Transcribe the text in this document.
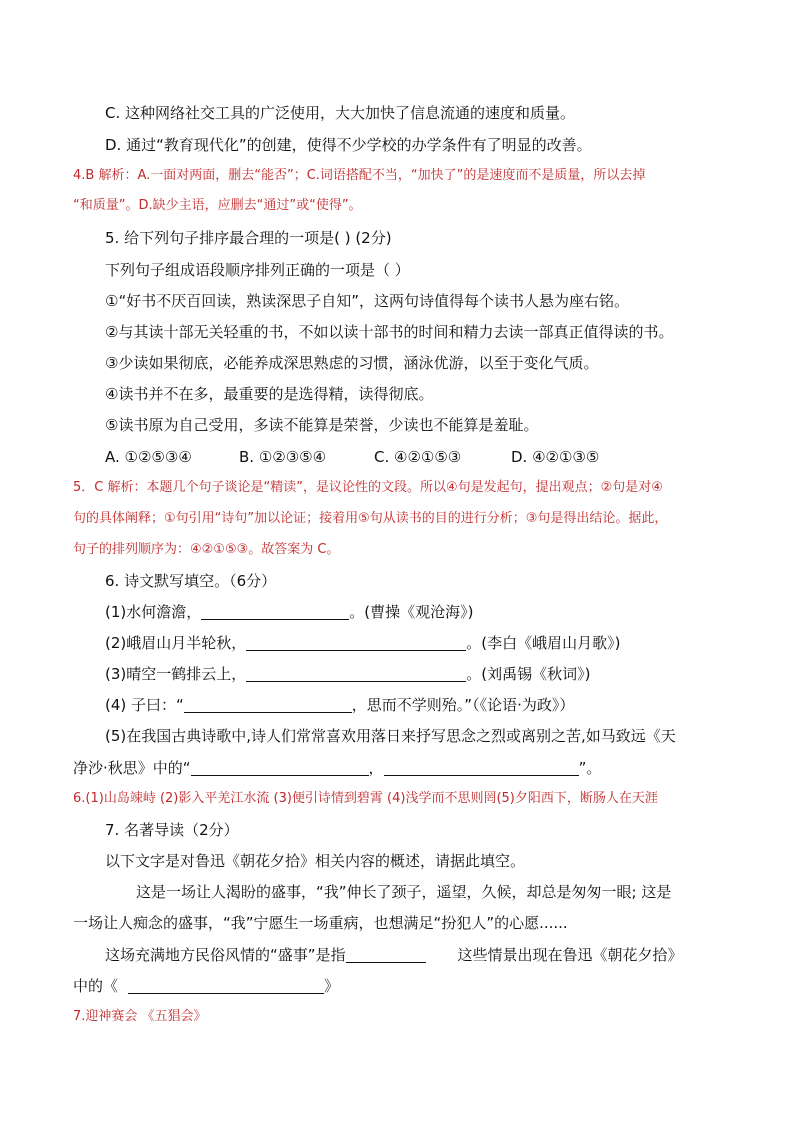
C. 这种网络社交工具的广泛使用，大大加快了信息流通的速度和质量。
D. 通过“教育现代化”的创建，使得不少学校的办学条件有了明显的改善。
4.B 解析：A.一面对两面，删去“能否”；C.词语搭配不当，“加快了”的是速度而不是质量，所以去掉
“和质量”。D.缺少主语，应删去“通过”或“使得”。
5. 给下列句子排序最合理的一项是( ) (2分)
下列句子组成语段顺序排列正确的一项是（ ）
①“好书不厌百回读，熟读深思子自知”，这两句诗值得每个读书人悬为座右铭。
②与其读十部无关轻重的书，不如以读十部书的时间和精力去读一部真正值得读的书。
③少读如果彻底，必能养成深思熟虑的习惯，涵泳优游，以至于变化气质。
④读书并不在多，最重要的是选得精，读得彻底。
⑤读书原为自己受用，多读不能算是荣誉，少读也不能算是羞耻。
A. ①②⑤③④	B. ①②③⑤④	C. ④②①⑤③	D. ④②①③⑤
5．C 解析：本题几个句子谈论是“精读”，是议论性的文段。所以④句是发起句，提出观点；②句是对④
句的具体阐释；①句引用“诗句”加以论证；接着用⑤句从读书的目的进行分析；③句是得出结论。据此，
句子的排列顺序为：④②①⑤③。故答案为 C。
6. 诗文默写填空。（6分）
(1)水何澹澹，	。(曹操《观沧海》)
(2)峨眉山月半轮秋，	。(李白《峨眉山月歌》)
(3)晴空一鹤排云上，	。(刘禹锡《秋词》)
(4) 子曰：“	，思而不学则殆。”（《论语·为政》）
(5)在我国古典诗歌中,诗人们常常喜欢用落日来抒写思念之烈或离别之苦,如马致远《天
净沙·秋思》中的“	，	”。
6.(1)山岛竦峙 (2)影入平羌江水流 (3)便引诗情到碧霄 (4)浅学而不思则罔(5)夕阳西下，断肠人在天涯
7. 名著导读（2分）
以下文字是对鲁迅《朝花夕拾》相关内容的概述，请据此填空。
这是一场让人渴盼的盛事，“我”伸长了颈子，遥望，久候，却总是匆匆一眼; 这是
一场让人痴念的盛事，“我”宁愿生一场重病，也想满足“扮犯人”的心愿......
这场充满地方民俗风情的“盛事”是指	这些情景出现在鲁迅《朝花夕拾》
中的《	》
7.迎神赛会 《五猖会》
